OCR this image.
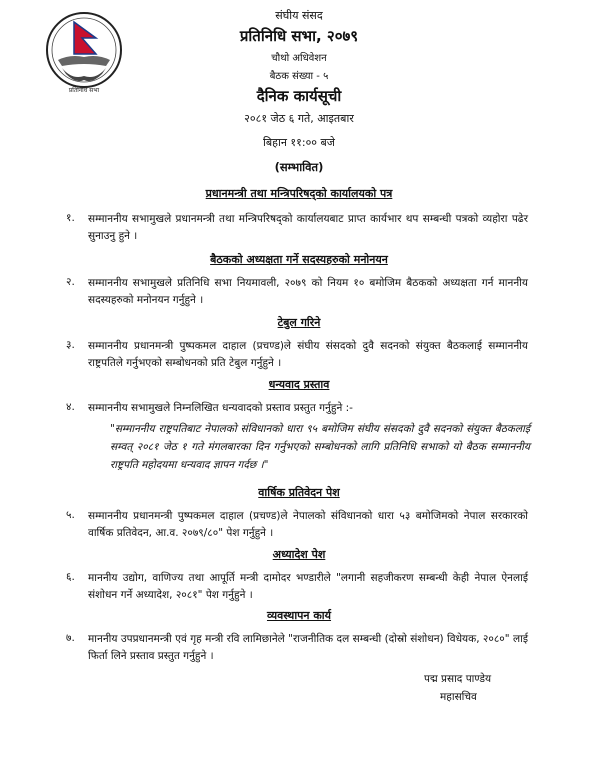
प्रतिनिधि सभा
संघीय संसद
प्रतिनिधि सभा, २०७९
चौथो अधिवेशन
बैठक संख्या - ५
दैनिक कार्यसूची
२०८१ जेठ ६ गते, आइतबार
बिहान ११:०० बजे
(सम्भावित)
प्रधानमन्त्री तथा मन्त्रिपरिषद्को कार्यालयको पत्र
१. सम्माननीय सभामुखले प्रधानमन्त्री तथा मन्त्रिपरिषद्को कार्यालयबाट प्राप्त कार्यभार थप सम्बन्धी पत्रको व्यहोरा पढेर सुनाउनु हुने ।
बैठकको अध्यक्षता गर्ने सदस्यहरुको मनोनयन
२. सम्माननीय सभामुखले प्रतिनिधि सभा नियमावली, २०७९ को नियम १० बमोजिम बैठकको अध्यक्षता गर्न माननीय सदस्यहरुको मनोनयन गर्नुहुने ।
टेबुल गरिने
३. सम्माननीय प्रधानमन्त्री पुष्पकमल दाहाल (प्रचण्ड)ले संघीय संसदको दुवै सदनको संयुक्त बैठकलाई सम्माननीय राष्ट्रपतिले गर्नुभएको सम्बोधनको प्रति टेबुल गर्नुहुने ।
धन्यवाद प्रस्ताव
४. सम्माननीय सभामुखले निम्नलिखित धन्यवादको प्रस्ताव प्रस्तुत गर्नुहुने :-
"सम्माननीय राष्ट्रपतिबाट नेपालको संविधानको धारा ९५ बमोजिम संघीय संसदको दुवै सदनको संयुक्त बैठकलाई सम्वत् २०८१ जेठ १ गते मंगलबारका दिन गर्नुभएको सम्बोधनको लागि प्रतिनिधि सभाको यो बैठक सम्माननीय राष्ट्रपति महोदयमा धन्यवाद ज्ञापन गर्दछ ।"
वार्षिक प्रतिवेदन पेश
५. सम्माननीय प्रधानमन्त्री पुष्पकमल दाहाल (प्रचण्ड)ले नेपालको संविधानको धारा ५३ बमोजिमको नेपाल सरकारको वार्षिक प्रतिवेदन, आ.व. २०७९/८०" पेश गर्नुहुने ।
अध्यादेश पेश
६. माननीय उद्योग, वाणिज्य तथा आपूर्ति मन्त्री दामोदर भण्डारीले "लगानी सहजीकरण सम्बन्धी केही नेपाल ऐनलाई संशोधन गर्ने अध्यादेश, २०८१" पेश गर्नुहुने ।
व्यवस्थापन कार्य
७. माननीय उपप्रधानमन्त्री एवं गृह मन्त्री रवि लामिछानेले "राजनीतिक दल सम्बन्धी (दोस्रो संशोधन) विधेयक, २०८०" लाई फिर्ता लिने प्रस्ताव प्रस्तुत गर्नुहुने ।
पद्म प्रसाद पाण्डेय
महासचिव
